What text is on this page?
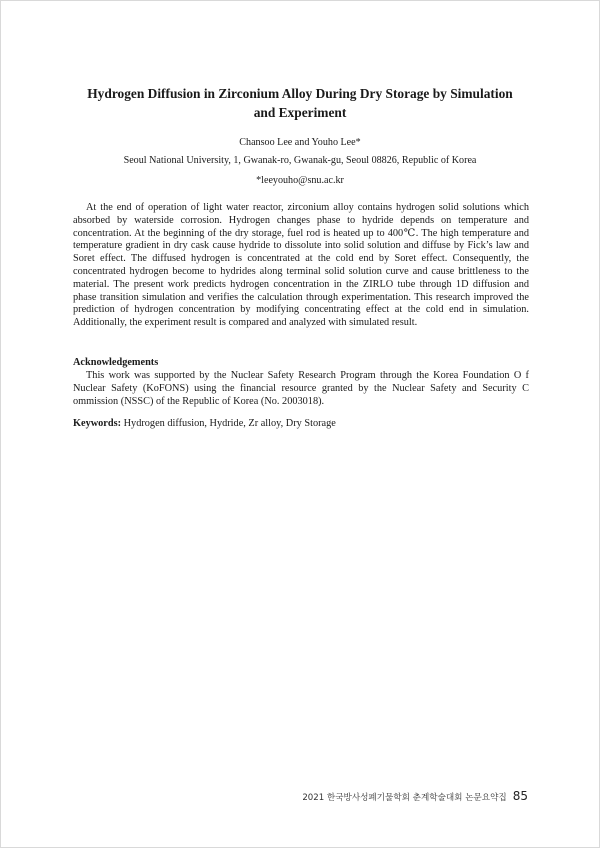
Hydrogen Diffusion in Zirconium Alloy During Dry Storage by Simulation and Experiment
Chansoo Lee and Youho Lee*
Seoul National University, 1, Gwanak-ro, Gwanak-gu, Seoul 08826, Republic of Korea
*leeyouho@snu.ac.kr

At the end of operation of light water reactor, zirconium alloy contains hydrogen solid solutions which absorbed by waterside corrosion. Hydrogen changes phase to hydride depends on temperature and concentration. At the beginning of the dry storage, fuel rod is heated up to 400℃. The high temperature and temperature gradient in dry cask cause hydride to dissolute into solid solution and diffuse by Fick’s law and Soret effect. The diffused hydrogen is concentrated at the cold end by Soret effect. Consequently, the concentrated hydrogen become to hydrides along terminal solid solution curve and cause brittleness to the material. The present work predicts hydrogen concentration in the ZIRLO tube through 1D diffusion and phase transition simulation and verifies the calculation through experimentation. This research improved the prediction of hydrogen concentration by modifying concentrating effect at the cold end in simulation. Additionally, the experiment result is compared and analyzed with simulated result.

Acknowledgements

This work was supported by the Nuclear Safety Research Program through the Korea Foundation O f Nuclear Safety (KoFONS) using the financial resource granted by the Nuclear Safety and Security C ommission (NSSC) of the Republic of Korea (No. 2003018).

Keywords: Hydrogen diffusion, Hydride, Zr alloy, Dry Storage
2021 한국방사성폐기물학회 춘계학술대회 논문요약집 85
